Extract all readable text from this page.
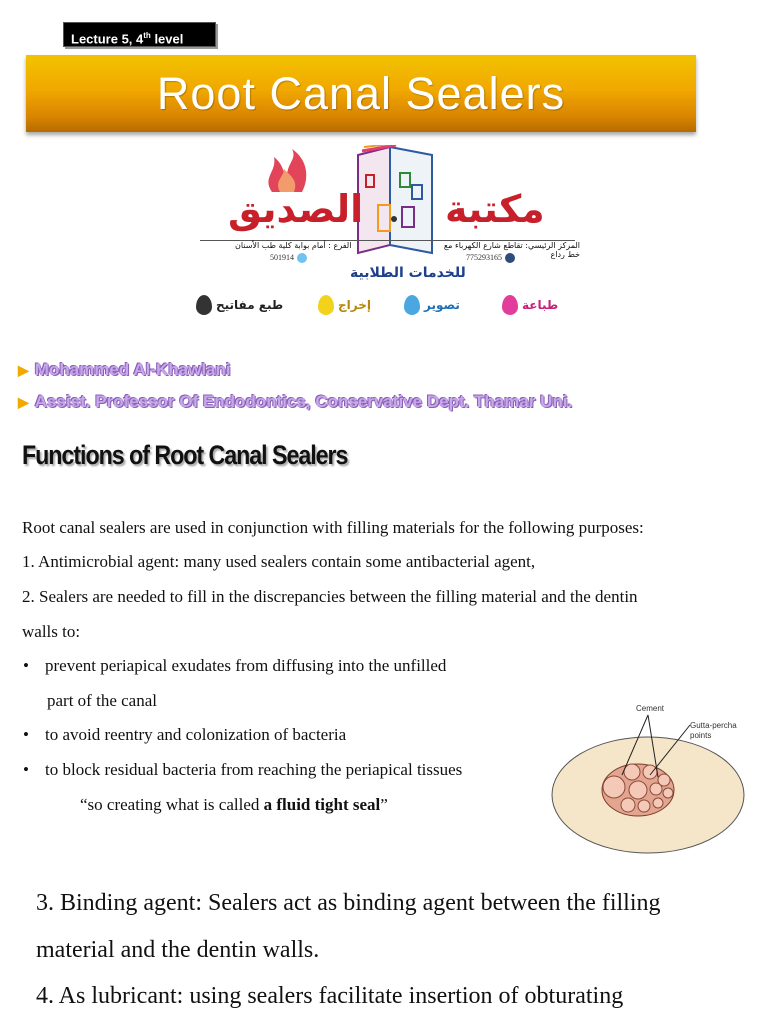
Lecture 5, 4th level
Root Canal Sealers
مكتبة
الصديق
الفرع : أمام بوابة كلية طب الأسنان	المركز الرئيسي: تقاطع شارع الكهرباء مع خط رداع
501914	775293165
للخدمات الطلابية
طباعة
تصوير
إخراج
طبع مفاتيح
▶ Mohammed Al-Khawlani
▶ Assist. Professor Of Endodontics, Conservative Dept. Thamar Uni.
Functions of Root Canal Sealers
Root canal sealers are used in conjunction with filling materials for the following purposes:
1. Antimicrobial agent: many used sealers contain some antibacterial agent,
2. Sealers are needed to fill in the discrepancies between the filling material and the dentin
walls to:
• prevent periapical exudates from diffusing into the unfilled
part of the canal
• to avoid reentry and colonization of bacteria
• to block residual bacteria from reaching the periapical tissues
“so creating what is called a fluid tight seal”
Cement
Gutta-percha
points
3. Binding agent: Sealers act as binding agent between the filling
material and the dentin walls.
4. As lubricant: using sealers facilitate insertion of obturating
